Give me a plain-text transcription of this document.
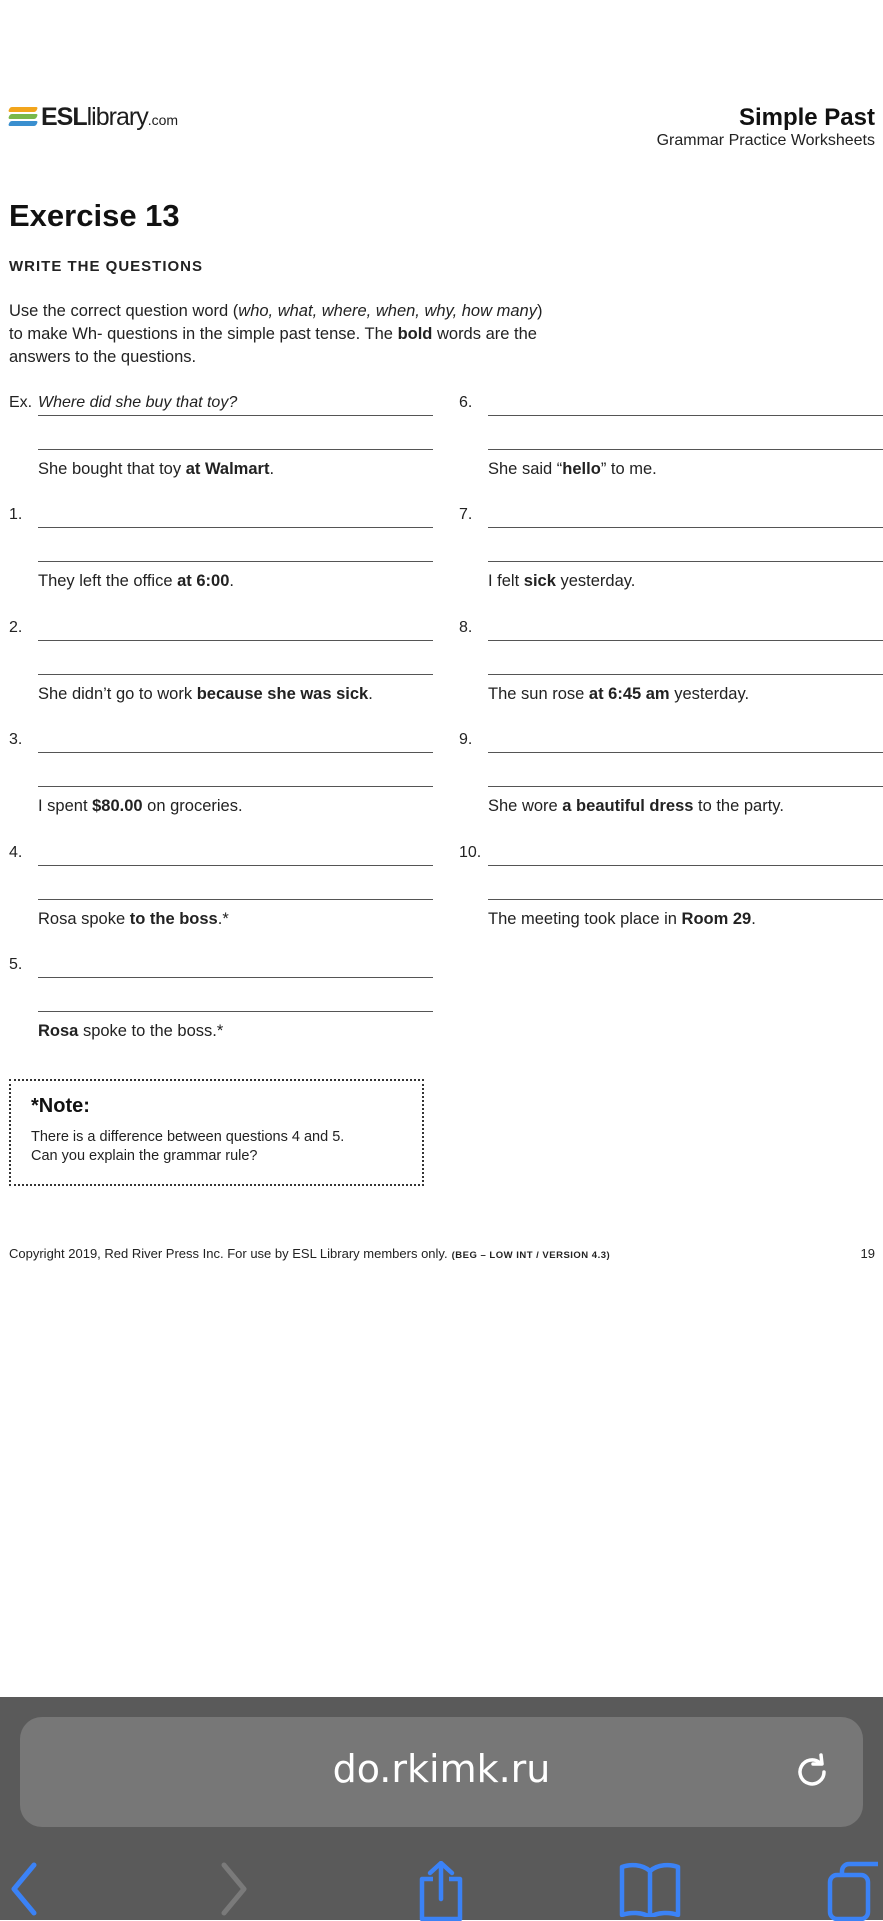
ESLlibrary.com	Simple Past
Grammar Practice Worksheets
Exercise 13
WRITE THE QUESTIONS
Use the correct question word (who, what, where, when, why, how many)
to make Wh- questions in the simple past tense. The bold words are the answers to the questions.
Ex. Where did she buy that toy?
She bought that toy at Walmart.
1.
They left the office at 6:00.
2.
She didn’t go to work because she was sick.
3.
I spent $80.00 on groceries.
4.
Rosa spoke to the boss.*
5.
Rosa spoke to the boss.*
6.
She said “hello” to me.
7.
I felt sick yesterday.
8.
The sun rose at 6:45 am yesterday.
9.
She wore a beautiful dress to the party.
10.
The meeting took place in Room 29.
*Note:
There is a difference between questions 4 and 5.
Can you explain the grammar rule?
Copyright 2019, Red River Press Inc. For use by ESL Library members only. (BEG – LOW INT / VERSION 4.3)	19
do.rkimk.ru
